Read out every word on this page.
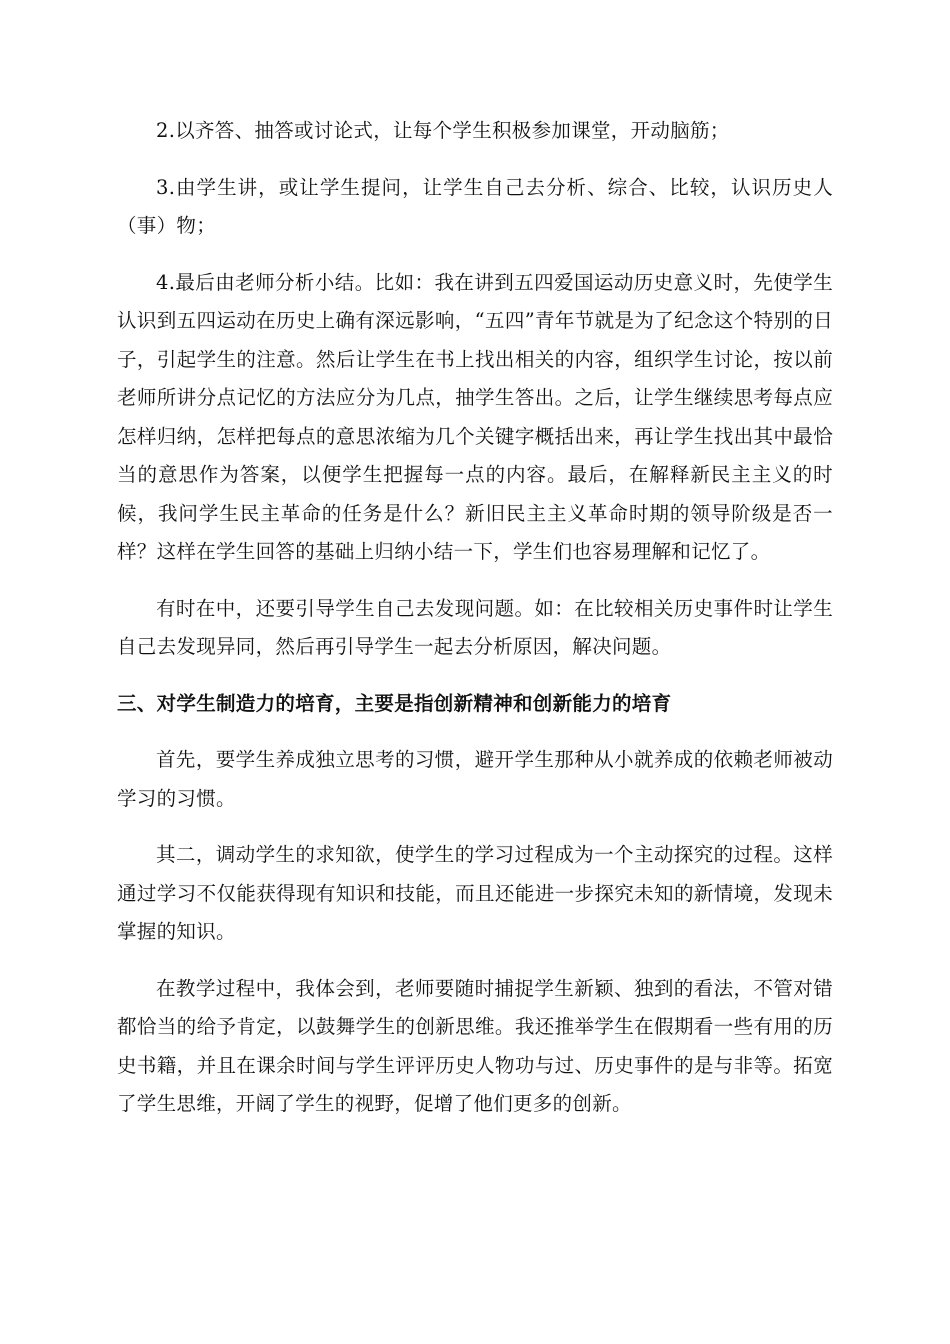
2.以齐答、抽答或讨论式，让每个学生积极参加课堂，开动脑筋；

3.由学生讲，或让学生提问，让学生自己去分析、综合、比较，认识历史人（事）物；

4.最后由老师分析小结。比如：我在讲到五四爱国运动历史意义时，先使学生认识到五四运动在历史上确有深远影响，“五四”青年节就是为了纪念这个特别的日子，引起学生的注意。然后让学生在书上找出相关的内容，组织学生讨论，按以前老师所讲分点记忆的方法应分为几点，抽学生答出。之后，让学生继续思考每点应怎样归纳，怎样把每点的意思浓缩为几个关键字概括出来，再让学生找出其中最恰当的意思作为答案，以便学生把握每一点的内容。最后，在解释新民主主义的时候，我问学生民主革命的任务是什么？新旧民主主义革命时期的领导阶级是否一样？这样在学生回答的基础上归纳小结一下，学生们也容易理解和记忆了。

有时在中，还要引导学生自己去发现问题。如：在比较相关历史事件时让学生自己去发现异同，然后再引导学生一起去分析原因，解决问题。

三、对学生制造力的培育，主要是指创新精神和创新能力的培育

首先，要学生养成独立思考的习惯，避开学生那种从小就养成的依赖老师被动学习的习惯。

其二，调动学生的求知欲，使学生的学习过程成为一个主动探究的过程。这样通过学习不仅能获得现有知识和技能，而且还能进一步探究未知的新情境，发现未掌握的知识。

在教学过程中，我体会到，老师要随时捕捉学生新颖、独到的看法，不管对错都恰当的给予肯定，以鼓舞学生的创新思维。我还推举学生在假期看一些有用的历史书籍，并且在课余时间与学生评评历史人物功与过、历史事件的是与非等。拓宽了学生思维，开阔了学生的视野，促增了他们更多的创新。
